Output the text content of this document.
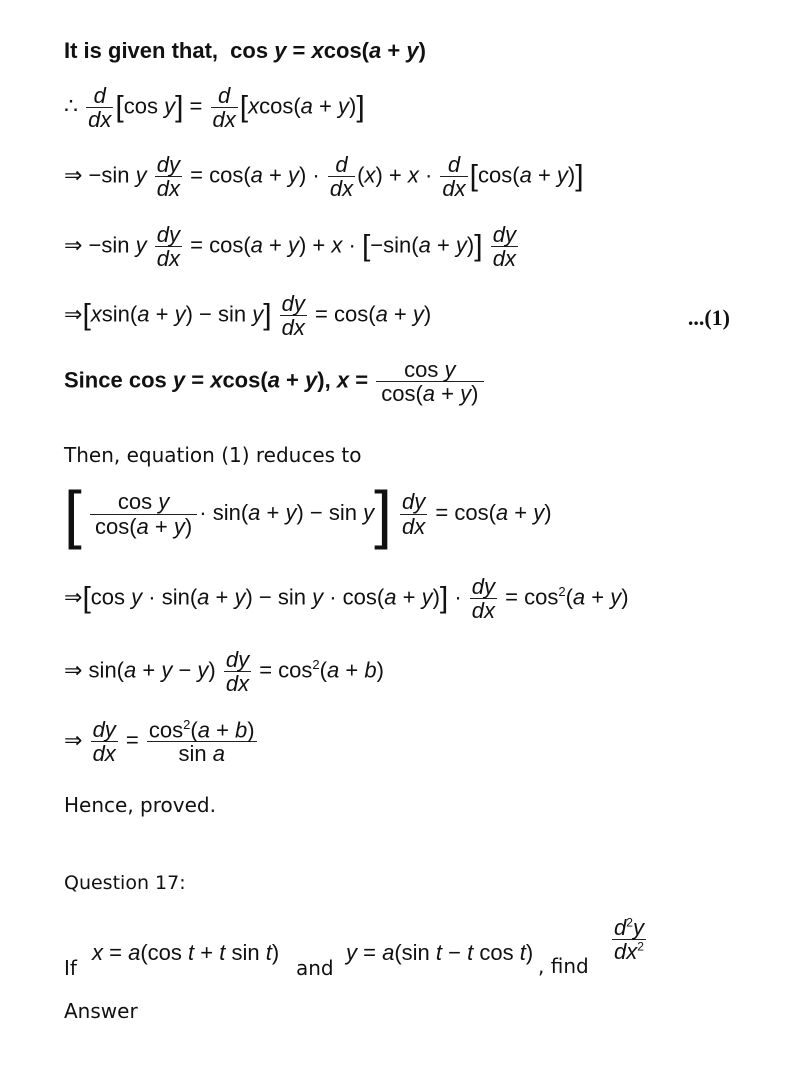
It is given that, cos y = xcos(a + y)
∴ $\frac{d}{dx} [\cos$ $y] = \frac{d}{dx} [xcos(a + y)]$
⇒ −sin y $\frac{dy}{dx} = \cos(a + y) \cdot \frac{d}{dx} (x) + x \cdot \frac{d}{dx} [\cos(a + y)]$
⇒ −sin y $\frac{dy}{dx} = \cos(a + y) + x \cdot [-\sin(a + y)] \frac{dy}{dx}$
⇒[xsin(a + $y) - \sin y] \frac{dy}{dx} = \cos(a + y)$	...(1)
Since cos y = xcos(a + y), $x = \frac{\text{cos y}}{\cos(a + y)}$
Then, equation (1) reduces to
[ $\frac{\text{cos y}}{\cos(a + y)} \cdot \sin(a + y) - \sin y] \frac{dy}{dx} = \cos(a + y)$
⇒[cos $y \cdot \sin(a + y) - \sin y \cdot \cos(a + y)] \cdot \frac{dy}{dx} = \cos^2(a + y)$
⇒ $\sin(a + y - y) \frac{dy}{dx} = \cos^2(a + b)$
⇒ $\frac{dy}{dx} = \frac{\cos^2(a + b)}{\text{sin a}}$
Hence, proved.
Question 17:
If
x = a(cos t + t sin t)
and
y = a(sin t − t cos t)
, find
$\frac{d^2y}{dx^2}$
Answer
